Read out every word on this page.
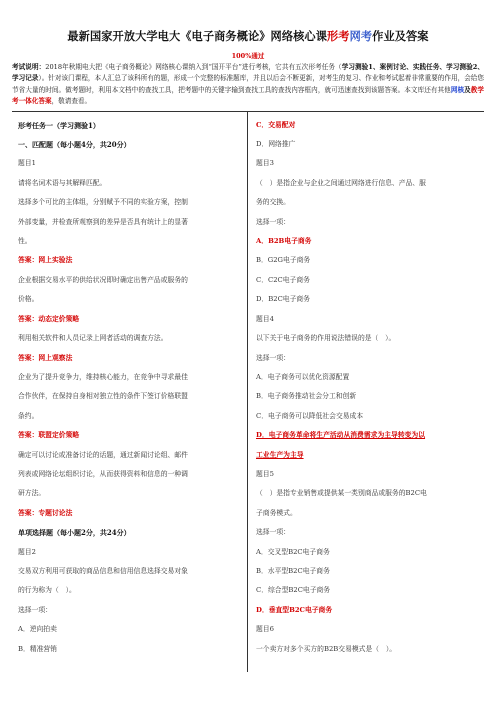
最新国家开放大学电大《电子商务概论》网络核心课形考网考作业及答案
100%通过
考试说明：2018年秋期电大把《电子商务概论》网络核心课纳入到“国开平台”进行考核，它共有五次形考任务（学习测验1、案例讨论、实践任务、学习测验2、学习记录）。针对该门课程，本人汇总了该科所有的题，形成一个完整的标准题库，并且以后会不断更新，对考生的复习、作业和考试起着非常重要的作用，会给您节省大量的时间。做考题时，利用本文档中的查找工具，把考题中的关键字输到查找工具的查找内容框内，就可迅速查找到该题答案。本文库还有其他网核及教学考一体化答案，敬请查看。
形考任务一（学习测验1）
一、匹配题（每小题4分，共20分）
题目1
请将名词术语与其解释匹配。
选择多个可比的主体组，分别赋予不同的实验方案，控制
外部变量，并检查所观察到的差异是否具有统计上的显著
性。
答案：网上实验法
企业根据交易水平的供给状况即时确定出售产品或服务的
价格。
答案：动态定价策略
利用相关软件和人员记录上网者活动的调查方法。
答案：网上观察法
企业为了提升竞争力，维持核心能力，在竞争中寻求最佳
合作伙伴，在保持自身相对独立性的条件下签订价格联盟
条约。
答案：联盟定价策略
确定可以讨论或准备讨论的话题，通过新闻讨论组、邮件
列表或网络论坛组织讨论，从而获得资料和信息的一种调
研方法。
答案：专题讨论法
单项选择题（每小题2分，共24分）
题目2
交易双方利用可获取的商品信息和信用信息选择交易对象
的行为称为（　）。
选择一项：
A．逆向拍卖
B．精准营销
C．交易配对
D．网络推广
题目3
（　）是指企业与企业之间通过网络进行信息、产品、服
务的交换。
选择一项：
A．B2B电子商务
B．G2G电子商务
C．C2C电子商务
D．B2C电子商务
题目4
以下关于电子商务的作用说法错误的是（　）。
选择一项：
A．电子商务可以优化资源配置
B．电子商务推动社会分工和创新
C．电子商务可以降低社会交易成本
D．电子商务革命将生产活动从消费需求为主导转变为以
工业生产为主导
题目5
（　）是指专业销售或提供某一类别商品或服务的B2C电
子商务模式。
选择一项：
A．交叉型B2C电子商务
B．水平型B2C电子商务
C．综合型B2C电子商务
D．垂直型B2C电子商务
题目6
一个卖方对多个买方的B2B交易模式是（　）。
